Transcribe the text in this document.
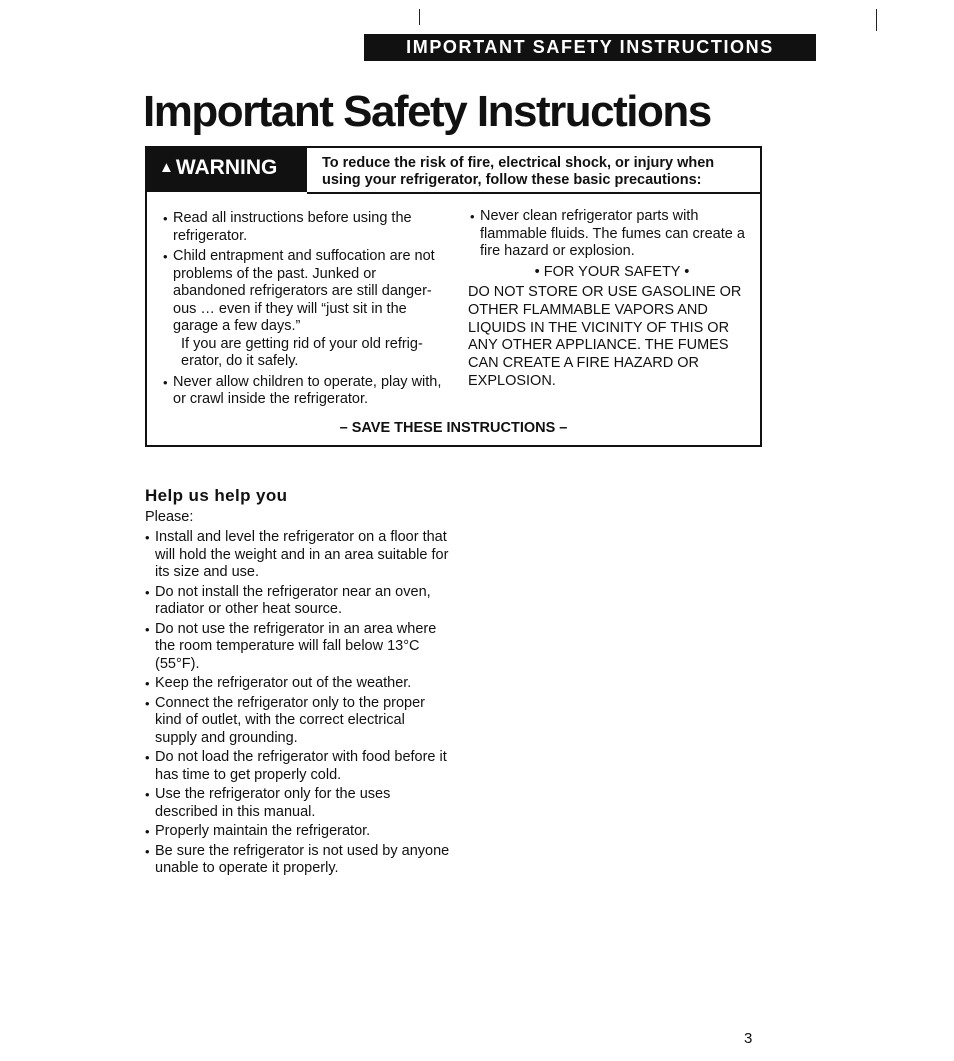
IMPORTANT SAFETY INSTRUCTIONS
Important Safety Instructions
▲WARNING	To reduce the risk of fire, electrical shock, or injury when using your refrigerator, follow these basic precautions:
• Read all instructions before using the refrigerator.
• Child entrapment and suffocation are not problems of the past. Junked or abandoned refrigerators are still danger- ous … even if they will “just sit in the garage a few days.”
If you are getting rid of your old refrig- erator, do it safely.
• Never allow children to operate, play with, or crawl inside the refrigerator.
• Never clean refrigerator parts with flammable fluids. The fumes can create a fire hazard or explosion.
• FOR YOUR SAFETY •
DO NOT STORE OR USE GASOLINE OR OTHER FLAMMABLE VAPORS AND LIQUIDS IN THE VICINITY OF THIS OR ANY OTHER APPLIANCE. THE FUMES CAN CREATE A FIRE HAZARD OR EXPLOSION.
– SAVE THESE INSTRUCTIONS –
Help us help you
Please:
• Install and level the refrigerator on a floor that will hold the weight and in an area suitable for its size and use.
• Do not install the refrigerator near an oven, radiator or other heat source.
• Do not use the refrigerator in an area where the room temperature will fall below 13°C (55°F).
• Keep the refrigerator out of the weather.
• Connect the refrigerator only to the proper kind of outlet, with the correct electrical supply and grounding.
• Do not load the refrigerator with food before it has time to get properly cold.
• Use the refrigerator only for the uses described in this manual.
• Properly maintain the refrigerator.
• Be sure the refrigerator is not used by anyone unable to operate it properly.
3
